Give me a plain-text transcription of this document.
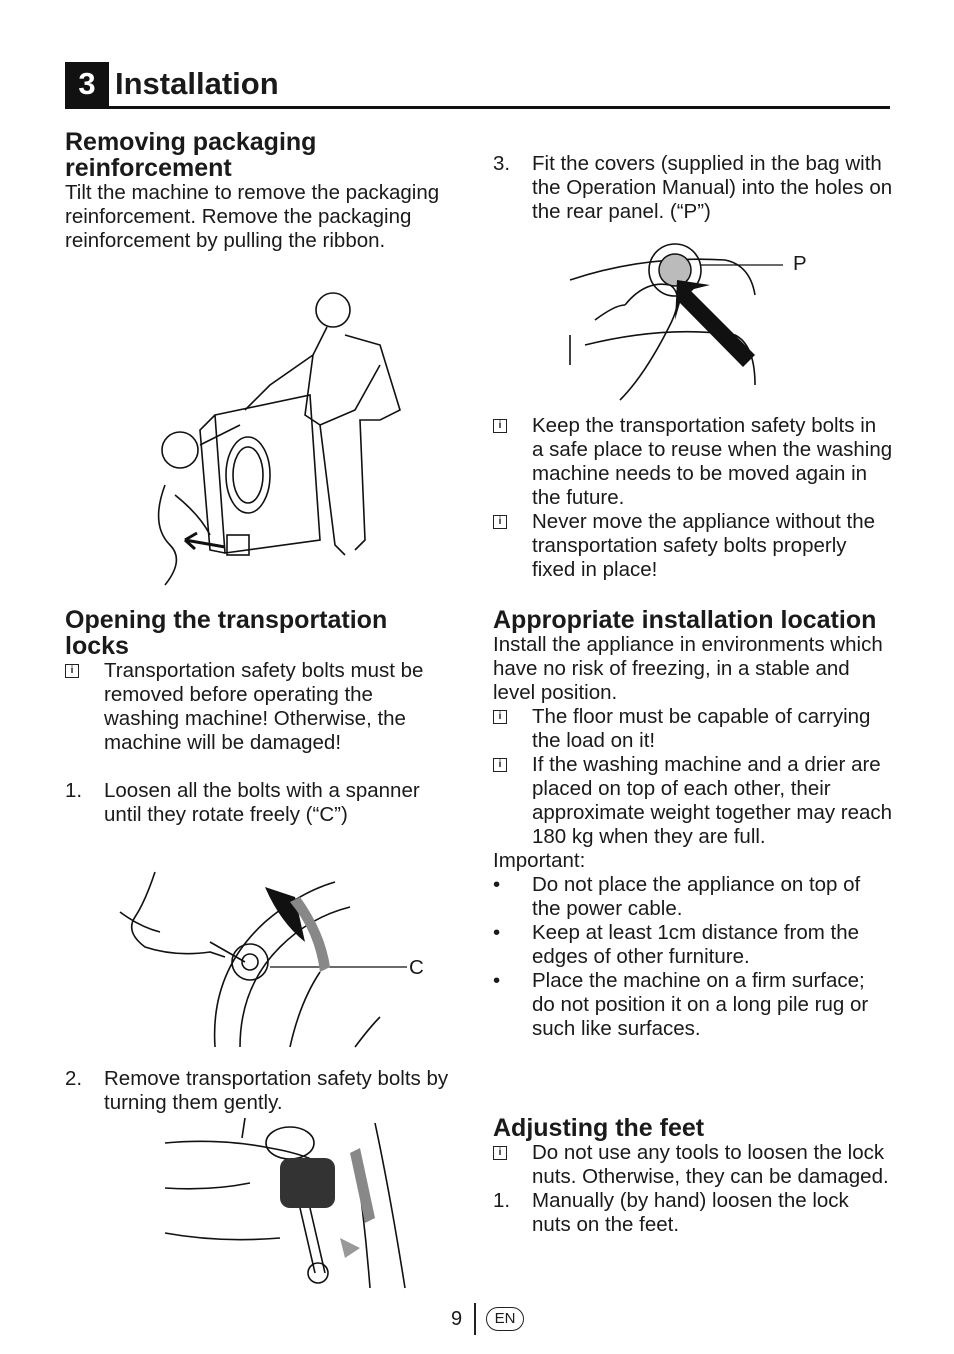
3 Installation
Removing packaging reinforcement
Tilt the machine to remove the packaging reinforcement. Remove the packaging reinforcement by pulling the ribbon.
Opening the transportation locks
i Transportation safety bolts must be removed before operating the washing machine! Otherwise, the machine will be damaged!
1. Loosen all the bolts with a spanner until they rotate freely (“C”)
C
2. Remove transportation safety bolts by turning them gently.
3. Fit the covers (supplied in the bag with the Operation Manual) into the holes on the rear panel. (“P”)
P
i Keep the transportation safety bolts in a safe place to reuse when the washing machine needs to be moved again in the future.
i Never move the appliance without the transportation safety bolts properly fixed in place!
Appropriate installation location
Install the appliance in environments which have no risk of freezing, in a stable and level position.
i The floor must be capable of carrying the load on it!
i If the washing machine and a drier are placed on top of each other, their approximate weight together may reach 180 kg when they are full.
Important:
• Do not place the appliance on top of the power cable.
• Keep at least 1cm distance from the edges of other furniture.
• Place the machine on a firm surface; do not position it on a long pile rug or such like surfaces.
Adjusting the feet
i Do not use any tools to loosen the lock nuts. Otherwise, they can be damaged.
1. Manually (by hand) loosen the lock nuts on the feet.
9	EN
